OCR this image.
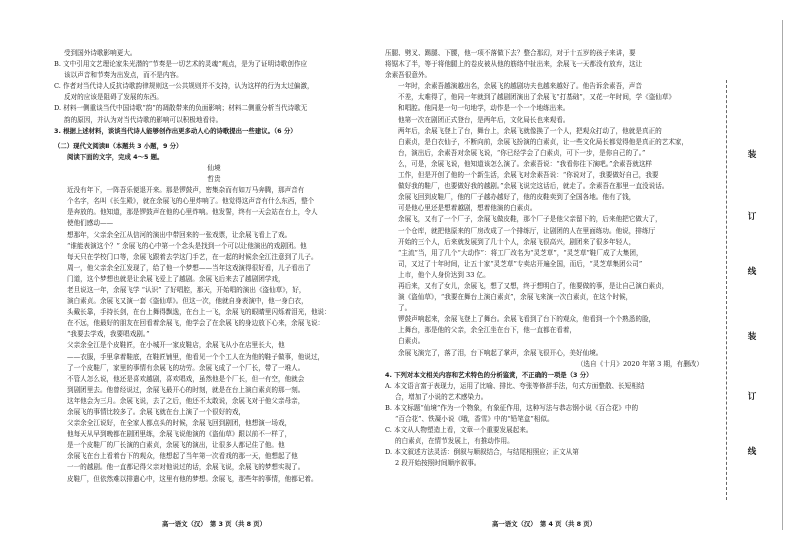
受到国外诗歌影响更大。
B. 文中引用文艺理论家朱光潜的“节奏是一切艺术的灵魂”观点，是为了证明诗歌创作应
该以声音和节奏为出发点，而不是内容。
C. 作者对当代诗人反抗诗歌韵律规则这一公共规则并不支持，认为这样的行为太过偏激，
反对的应该是阻碍了发展的东西。
D. 材料一侧重谈当代中国诗歌“韵”的凋散带来的负面影响；材料二侧重分析当代诗歌无
韵的原因，并认为对当代诗歌的影响可以积极地看待。
3. 根据上述材料，谈谈当代诗人能够创作出更多动人心的诗歌提出一些建议。（6 分）
（二）现代文阅读Ⅱ（本题共 3 小题，9 分）
阅读下面的文字，完成 4～5 题。
仙境
哲贵
近没有年下，一阵吾乐便退开来。那是锣鼓声，密集杂而有如万马奔腾，那声音有
个名字，名叫《长生殿》，就在余展飞的心里炸响了。他觉得这声音有什么东西，整个
是奔放的。他知道，那是锣鼓声在他的心里炸响。他发誓，终有一天会站在台上，令人
使他们感动——
想那年，父亲余全江从信河的演出中带回来的一张戏票，让余展飞看上了戏。
“谁能表演这个？” 余展飞的心中第一个念头是找到一个可以让他演出的戏剧团。他
每天只在学校门口等，余展飞跟着去学这门手艺，在一起的时候余全江注意到了儿子。
周一，他父亲余全江发现了，给了他一个梦想——当年这戏演得很好看，儿子看出了
门道，这个梦想也就是让余展飞爱上了越剧。余展飞后来去了越剧团学戏，
老旦说这一年，余展飞学 “认识” 了好唱腔，那天，开始唱的演出《盗仙草》，好，
演白素贞。余展飞又演一套《盗仙草》。但这一次，他就自身表演中，他一身白衣，
头戴长靠，手持长剑，在台上舞得飘逸，在台上一飞，余展飞的眼睛里闪烁着泪光，他说：
在不远，他最好的朋友在回看着余展飞，他学会了在余展飞的身边放下心来，余展飞说：
“我要去学戏，我要唱戏剧。”
父亲余全江是个皮鞋匠，在小城开一家皮鞋店，余展飞从小在店里长大，他
——衣服，手里拿着鞋底，在鞋匠铺里，他看见一个个工人在为他的鞋子做事，他说过，
了一个皮鞋厂，家里的事情有余展飞的功劳。余展飞成了一个厂长，带了一堆人。
不管人怎么说，他还是喜欢越剧，喜欢唱戏，虽然他是个厂长，但一有空，他就会
到剧团里去。他曾经说过，余展飞最开心的时刻，就是在台上演白素贞的那一刻。
这年他会为三月。余展飞说，去了之后，他还不太敢说，余展飞对于他父亲母亲，
余展飞的事情比较多了。余展飞就在台上演了一个很好的戏，
父亲余全江说好，在全家人都点头的时候，余展飞回到剧团，他想演一场戏，
他每天从早到晚都在剧团里练，余展飞说他演的《盗仙草》跟以前不一样了，
是一个皮鞋厂的厂长演的白素贞，余展飞的演出，让很多人都记住了他。他
余展飞在台上看着台下的观众，他想起了当年第一次看戏的那一天，他想起了他
一一的越剧。他一直都记得父亲对他说过的话，余展飞说，余展飞的梦想实现了。
皮鞋厂，但依然难以排遣心中，这里有他的梦想。余展飞，那些年的事情，他都记着。
高一语文（汉）　第 3 页（共 8 页）
压腿、劈叉、踢腿、下腰，他一项不落做下去？整合那幻，对于十五岁的孩子来讲，要
将锯木了半，等于将他腿上的卷皮被从他的筋络中扯出来，余展飞一天都没有放弃，这让
余素吾很意外。
一年时，余素吾越演越出名，余展飞的越剧功夫也越来越好了。他告诉余素吾，声音
不差，太难得了，他同一年就到了越剧团演出了余展飞“打基础”，又花一年时间，学《盗仙草》
和唱腔。他同是一句一句地学，动作是一个一个地练出来。
他第一次在剧团正式登台，是两年后，文化局长也来观看。
两年后，余展飞登上了台，舞台上，余展飞就像换了一个人，把观众打动了，他就是真正的
白素贞，是白衣仙子，不断向前，余展飞扮演的白素贞，让一些文化局长都觉得他是真正的艺术家，
台，演出后，余素吾对余展飞说，“你已经学会了白素贞，可下一步，是你自己的了。”
么，可是，余展飞说，他知道该怎么演了。余素吾说：“我看你往下演吧。”余素吾就这样
工作，但是开创了他的一个新生活，余展飞对余素吾说：“你说对了，我要做好自己，我要
做好我的鞋厂，也要做好我的越剧。”余展飞说完这话后，就走了。余素吾在那里一直没说话。
余展飞回到皮鞋厂，他的厂子越办越好了，他的皮鞋卖到了全国各地。他有了钱，
可是他心里还是想着越剧，想着他演的白素贞。
余展飞，又有了一个厂子，余展飞做皮鞋，那个厂子是他父亲留下的，后来他把它做大了，
一个仓库，就把他原来的厂房改成了一个排练厅，让剧团的人在里面练功。他说，排练厅
开始的三个人，后来就发展到了几十个人，余展飞很高兴，剧团来了很多年轻人，
“主流”当，用了几个“大动作”：将工厂改名为“灵芝草”，“灵芝草”鞋厂成了大集团，
司，又过了十年时间，让五十家“灵芝草”专卖店开遍全国，而后，“灵芝草集团公司”
上市，他个人身价达到 33 亿。
再后来，又有了女儿，余展飞，想了又想，终于想明白了，他要做的事，是让自己演白素贞，
演《盗仙草》，“我要在舞台上演白素贞”，余展飞来演一次白素贞，在这个时候，
了。
锣鼓声响起来，余展飞登上了舞台。余展飞看到了台下的观众，他看到一个个熟悉的脸，
上舞台，那是他的父亲，余全江坐在台下，他一直都在看着，
白素贞。
余展飞演完了，落了泪，台下响起了掌声，余展飞很开心，美好仙境。
（选自《十月》2020 年第 3 期，有删改）
4. 下列对本文相关内容和艺术特色的分析鉴赏，不正确的一项是（3 分）
A. 本文语言富于表现力，运用了比喻、排比、夸张等修辞手法，句式方面整散、长短相结
合，增加了小说的艺术感染力。
B. 本文标题“仙境”作为一个物象，有象征作用，这种写法与恭志钢小说《百合花》中的
“百合花”、铁凝小说《哦，香雪》中的“铅笔盒”相似。
C. 本文从人物塑造上看，文章一个重要发展起来。
的白素贞，在情节发展上，有推动作用。
D. 本文叙述方法灵活：倒叙与顺叙结合，与结尾相照应；正文从第
2 段开始按照时间顺序叙事。
高一语文（汉）　第 4 页（共 8 页）
装
订
线
装
订
线
